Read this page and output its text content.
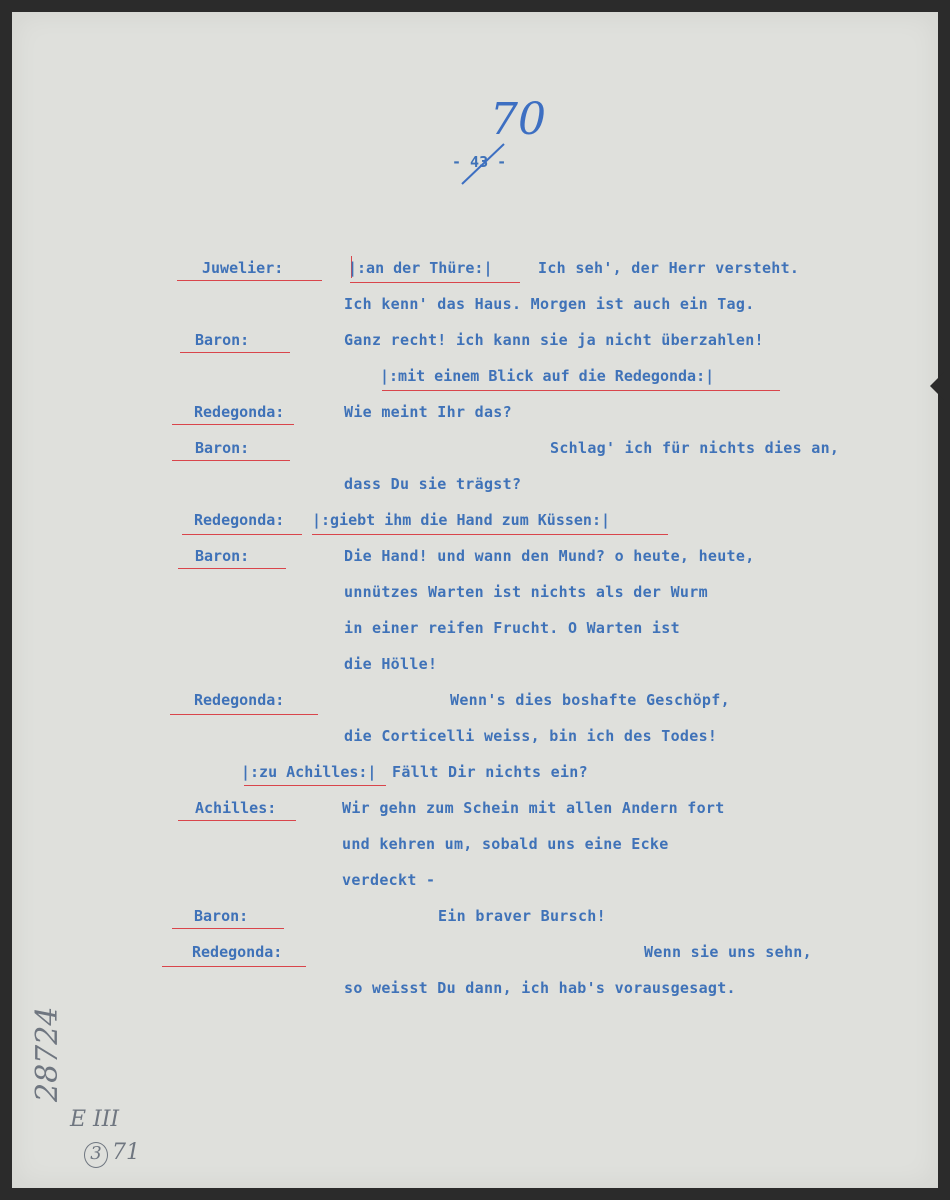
70
- 43 -
Juwelier:	|:an der Thüre:|	Ich seh', der Herr versteht.
Ich kenn' das Haus. Morgen ist auch ein Tag.
Baron:	Ganz recht! ich kann sie ja nicht überzahlen!
|:mit einem Blick auf die Redegonda:|
Redegonda:	Wie meint Ihr das?
Baron:	Schlag' ich für nichts dies an,
dass Du sie trägst?
Redegonda: |:giebt ihm die Hand zum Küssen:|
Baron:	Die Hand! und wann den Mund? o heute, heute,
unnützes Warten ist nichts als der Wurm
in einer reifen Frucht. O Warten ist
die Hölle!
Redegonda:	Wenn's dies boshafte Geschöpf,
die Corticelli weiss, bin ich des Todes!
|:zu Achilles:| Fällt Dir nichts ein?
Achilles:	Wir gehn zum Schein mit allen Andern fort
und kehren um, sobald uns eine Ecke
verdeckt -
Baron:	Ein braver Bursch!
Redegonda:	Wenn sie uns sehn,
so weisst Du dann, ich hab's vorausgesagt.
28724
E III
3 71
